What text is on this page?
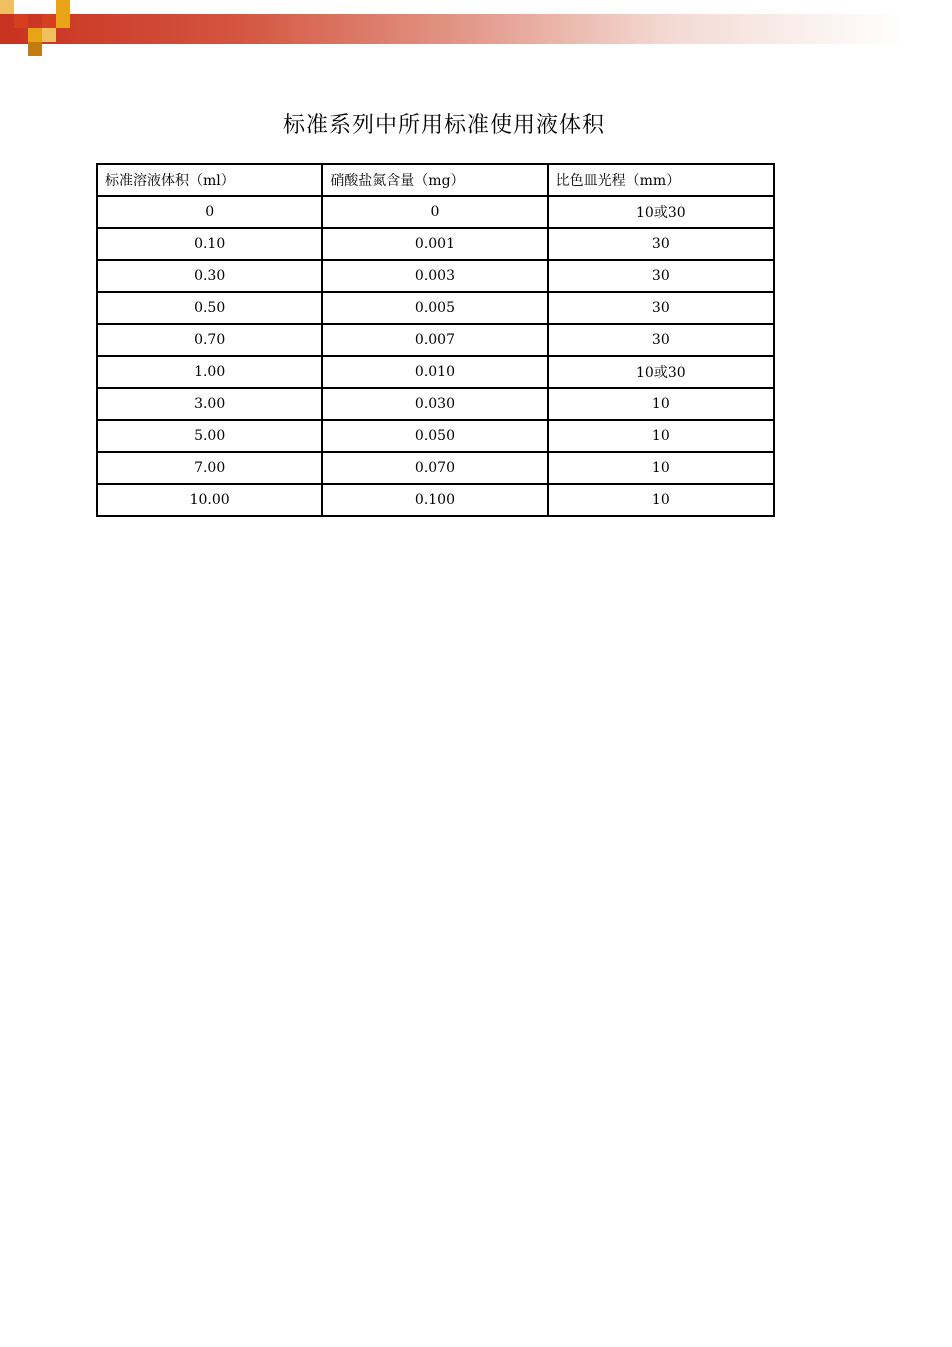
标准系列中所用标准使用液体积
标准溶液体积（ml）	硝酸盐氮含量（mg）	比色皿光程（mm）
0	0	10或30
0.10	0.001	30
0.30	0.003	30
0.50	0.005	30
0.70	0.007	30
1.00	0.010	10或30
3.00	0.030	10
5.00	0.050	10
7.00	0.070	10
10.00	0.100	10
